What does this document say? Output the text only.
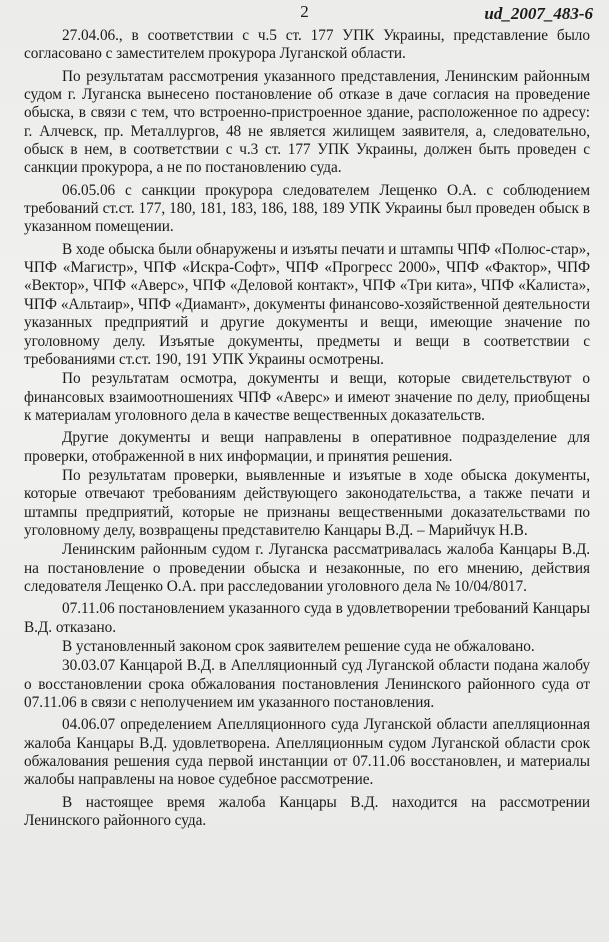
2	ud_2007_483-6

27.04.06., в соответствии с ч.5 ст. 177 УПК Украины, представление было согласовано с заместителем прокурора Луганской области.

По результатам рассмотрения указанного представления, Ленинским районным судом г. Луганска вынесено постановление об отказе в даче согласия на проведение обыска, в связи с тем, что встроенно-пристроенное здание, расположенное по адресу: г. Алчевск, пр. Металлургов, 48 не является жилищем заявителя, а, следовательно, обыск в нем, в соответствии с ч.3 ст. 177 УПК Украины, должен быть проведен с санкции прокурора, а не по постановлению суда.

06.05.06 с санкции прокурора следователем Лещенко О.А. с соблюдением требований ст.ст. 177, 180, 181, 183, 186, 188, 189 УПК Украины был проведен обыск в указанном помещении.

В ходе обыска были обнаружены и изъяты печати и штампы ЧПФ «Полюс-стар», ЧПФ «Магистр», ЧПФ «Искра-Софт», ЧПФ «Прогресс 2000», ЧПФ «Фактор», ЧПФ «Вектор», ЧПФ «Аверс», ЧПФ «Деловой контакт», ЧПФ «Три кита», ЧПФ «Калиста», ЧПФ «Альтаир», ЧПФ «Диамант», документы финансово-хозяйственной деятельности указанных предприятий и другие документы и вещи, имеющие значение по уголовному делу. Изъятые документы, предметы и вещи в соответствии с требованиями ст.ст. 190, 191 УПК Украины осмотрены.

По результатам осмотра, документы и вещи, которые свидетельствуют о финансовых взаимоотношениях ЧПФ «Аверс» и имеют значение по делу, приобщены к материалам уголовного дела в качестве вещественных доказательств.

Другие документы и вещи направлены в оперативное подразделение для проверки, отображенной в них информации, и принятия решения.

По результатам проверки, выявленные и изъятые в ходе обыска документы, которые отвечают требованиям действующего законодательства, а также печати и штампы предприятий, которые не признаны вещественными доказательствами по уголовному делу, возвращены представителю Канцары В.Д. – Марийчук Н.В.

Ленинским районным судом г. Луганска рассматривалась жалоба Канцары В.Д. на постановление о проведении обыска и незаконные, по его мнению, действия следователя Лещенко О.А. при расследовании уголовного дела № 10/04/8017.

07.11.06 постановлением указанного суда в удовлетворении требований Канцары В.Д. отказано.

В установленный законом срок заявителем решение суда не обжаловано.

30.03.07 Канцарой В.Д. в Апелляционный суд Луганской области подана жалобу о восстановлении срока обжалования постановления Ленинского районного суда от 07.11.06 в связи с неполучением им указанного постановления.

04.06.07 определением Апелляционного суда Луганской области апелляционная жалоба Канцары В.Д. удовлетворена. Апелляционным судом Луганской области срок обжалования решения суда первой инстанции от 07.11.06 восстановлен, и материалы жалобы направлены на новое судебное рассмотрение.

В настоящее время жалоба Канцары В.Д. находится на рассмотрении Ленинского районного суда.
